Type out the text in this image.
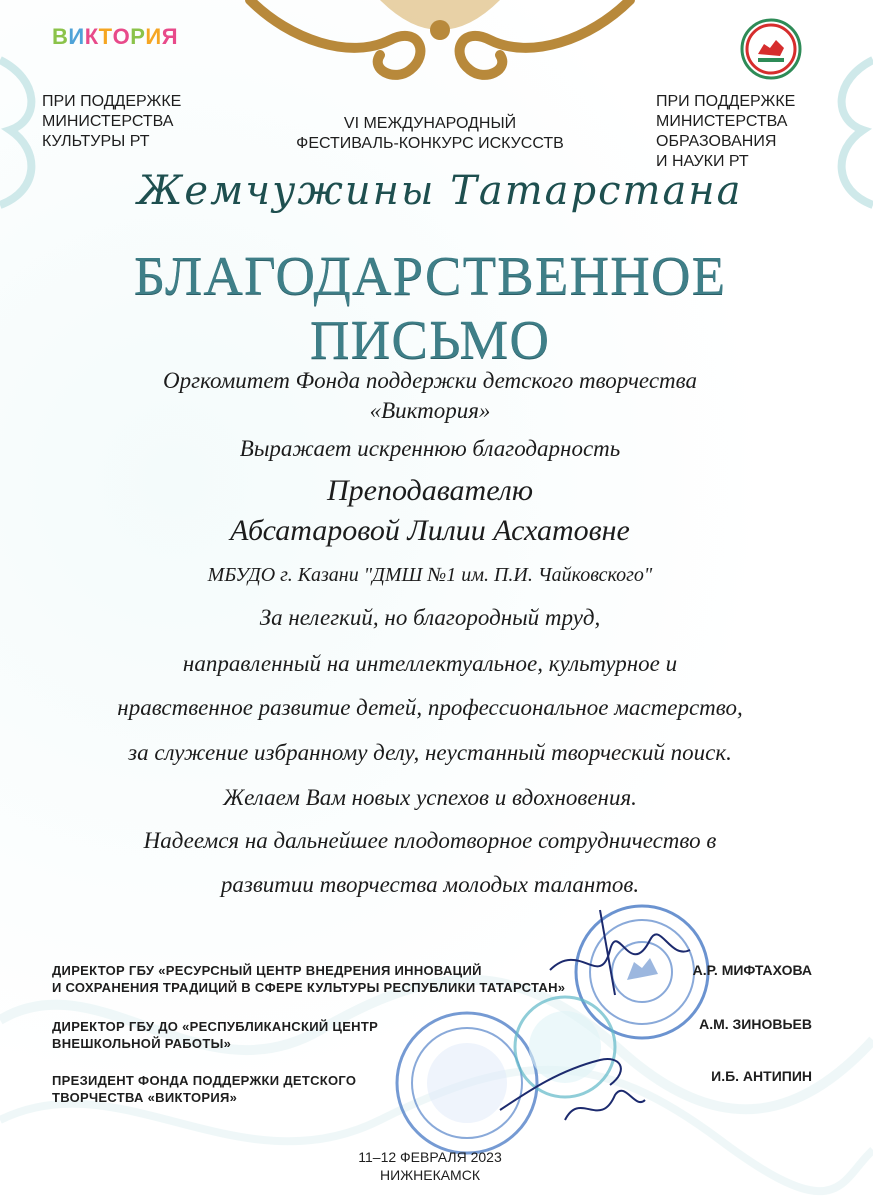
ВИКТОРИЯ
ПРИ ПОДДЕРЖКЕ
МИНИСТЕРСТВА
КУЛЬТУРЫ РТ
VI МЕЖДУНАРОДНЫЙ
ФЕСТИВАЛЬ-КОНКУРС ИСКУССТВ
ПРИ ПОДДЕРЖКЕ
МИНИСТЕРСТВА
ОБРАЗОВАНИЯ
И НАУКИ РТ
Жемчужины Татарстана
БЛАГОДАРСТВЕННОЕ
ПИСЬМО
Оргкомитет Фонда поддержки детского творчества
«Виктория»
Выражает искреннюю благодарность
Преподавателю
Абсатаровой Лилии Асхатовне
МБУДО г. Казани "ДМШ №1 им. П.И. Чайковского"
За нелегкий, но благородный труд,
направленный на интеллектуальное, культурное и
нравственное развитие детей, профессиональное мастерство,
за служение избранному делу, неустанный творческий поиск.
Желаем Вам новых успехов и вдохновения.
Надеемся на дальнейшее плодотворное сотрудничество в
развитии творчества молодых талантов.
ДИРЕКТОР ГБУ «РЕСУРСНЫЙ ЦЕНТР ВНЕДРЕНИЯ ИННОВАЦИЙ
И СОХРАНЕНИЯ ТРАДИЦИЙ В СФЕРЕ КУЛЬТУРЫ РЕСПУБЛИКИ ТАТАРСТАН»
А.Р. МИФТАХОВА
ДИРЕКТОР ГБУ ДО «РЕСПУБЛИКАНСКИЙ ЦЕНТР
ВНЕШКОЛЬНОЙ РАБОТЫ»
А.М. ЗИНОВЬЕВ
ПРЕЗИДЕНТ ФОНДА ПОДДЕРЖКИ ДЕТСКОГО
ТВОРЧЕСТВА «ВИКТОРИЯ»
И.Б. АНТИПИН
11–12 ФЕВРАЛЯ 2023
НИЖНЕКАМСК
